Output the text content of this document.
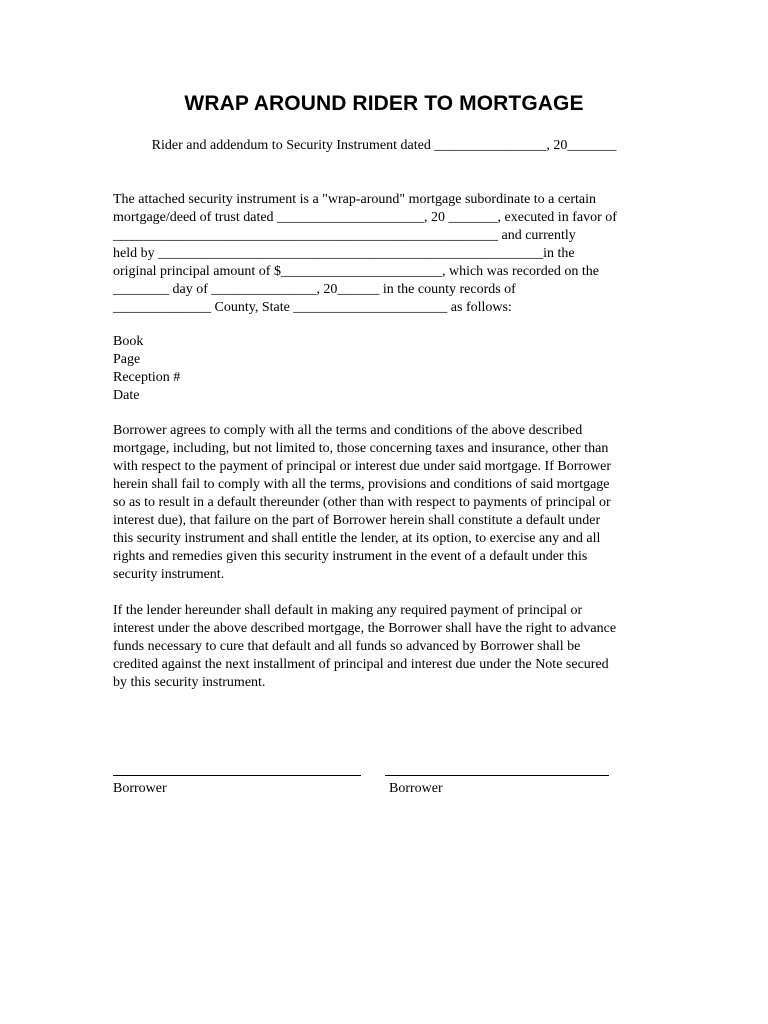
WRAP AROUND RIDER TO MORTGAGE

Rider and addendum to Security Instrument dated ________________, 20_______

The attached security instrument is a "wrap-around" mortgage subordinate to a certain
mortgage/deed of trust dated _____________________, 20 _______, executed in favor of
_______________________________________________________ and currently
held by _______________________________________________________in the
original principal amount of $_______________________, which was recorded on the
________ day of _______________, 20______ in the county records of
______________ County, State ______________________ as follows:

Book
Page
Reception #
Date

Borrower agrees to comply with all the terms and conditions of the above described
mortgage, including, but not limited to, those concerning taxes and insurance, other than
with respect to the payment of principal or interest due under said mortgage. If Borrower
herein shall fail to comply with all the terms, provisions and conditions of said mortgage
so as to result in a default thereunder (other than with respect to payments of principal or
interest due), that failure on the part of Borrower herein shall constitute a default under
this security instrument and shall entitle the lender, at its option, to exercise any and all
rights and remedies given this security instrument in the event of a default under this
security instrument.

If the lender hereunder shall default in making any required payment of principal or
interest under the above described mortgage, the Borrower shall have the right to advance
funds necessary to cure that default and all funds so advanced by Borrower shall be
credited against the next installment of principal and interest due under the Note secured
by this security instrument.

Borrower	Borrower
